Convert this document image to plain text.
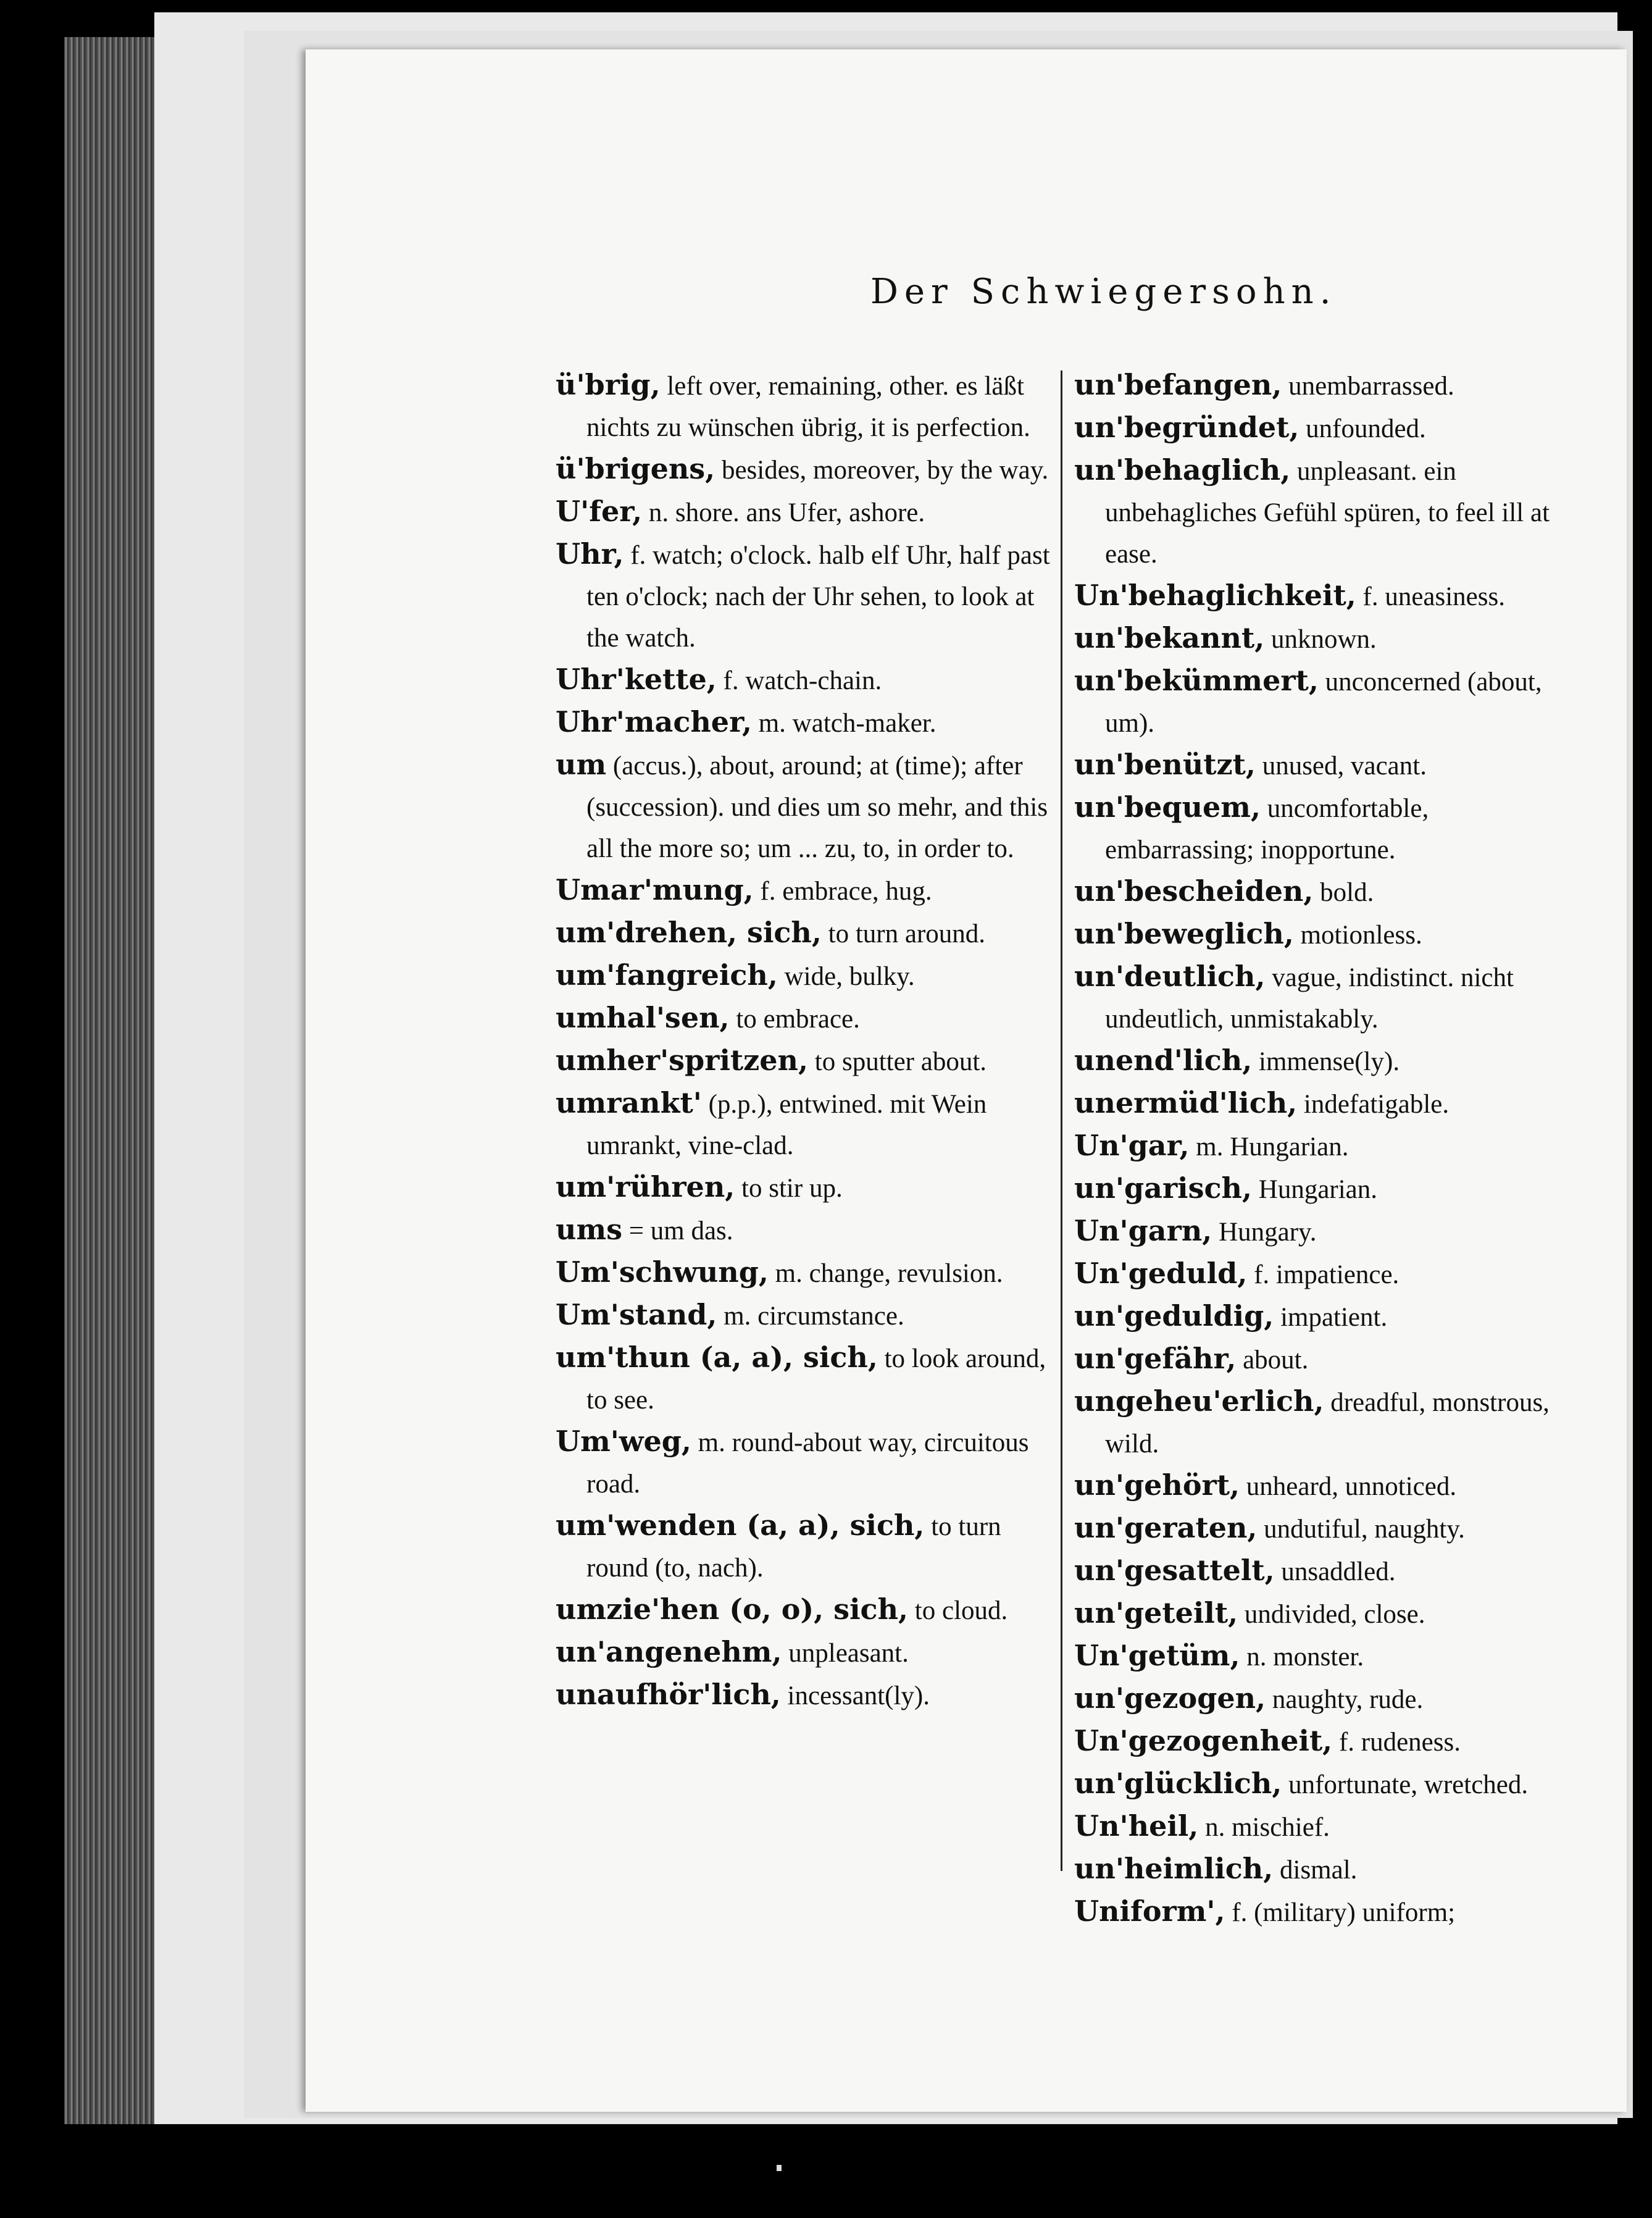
Der Schwiegersohn.

ü'brig, left over, remaining, other. es läßt nichts zu wünschen übrig, it is perfection.

ü'brigens, besides, moreover, by the way.

U'fer, n. shore. ans Ufer, ashore.

Uhr, f. watch; o'clock. halb elf Uhr, half past ten o'clock; nach der Uhr sehen, to look at the watch.

Uhr'kette, f. watch-chain.

Uhr'macher, m. watch-maker.

um (accus.), about, around; at (time); after (succession). und dies um so mehr, and this all the more so; um ... zu, to, in order to.

Umar'mung, f. embrace, hug.

um'drehen, sich, to turn around.

um'fangreich, wide, bulky.

umhal'sen, to embrace.

umher'spritzen, to sputter about.

umrankt' (p.p.), entwined. mit Wein umrankt, vine-clad.

um'rühren, to stir up.

ums = um das.

Um'schwung, m. change, revulsion.

Um'stand, m. circumstance.

um'thun (a, a), sich, to look around, to see.

Um'weg, m. round-about way, circuitous road.

um'wenden (a, a), sich, to turn round (to, nach).

umzie'hen (o, o), sich, to cloud.

un'angenehm, unpleasant.

unaufhör'lich, incessant(ly).

un'befangen, unembarrassed.

un'begründet, unfounded.

un'behaglich, unpleasant. ein unbehagliches Gefühl spüren, to feel ill at ease.

Un'behaglichkeit, f. uneasiness.

un'bekannt, unknown.

un'bekümmert, unconcerned (about, um).

un'benützt, unused, vacant.

un'bequem, uncomfortable, embarrassing; inopportune.

un'bescheiden, bold.

un'beweglich, motionless.

un'deutlich, vague, indistinct. nicht undeutlich, unmistakably.

unend'lich, immense(ly).

unermüd'lich, indefatigable.

Un'gar, m. Hungarian.

un'garisch, Hungarian.

Un'garn, Hungary.

Un'geduld, f. impatience.

un'geduldig, impatient.

un'gefähr, about.

ungeheu'erlich, dreadful, monstrous, wild.

un'gehört, unheard, unnoticed.

un'geraten, undutiful, naughty.

un'gesattelt, unsaddled.

un'geteilt, undivided, close.

Un'getüm, n. monster.

un'gezogen, naughty, rude.

Un'gezogenheit, f. rudeness.

un'glücklich, unfortunate, wretched.

Un'heil, n. mischief.

un'heimlich, dismal.

Uniform', f. (military) uniform;
